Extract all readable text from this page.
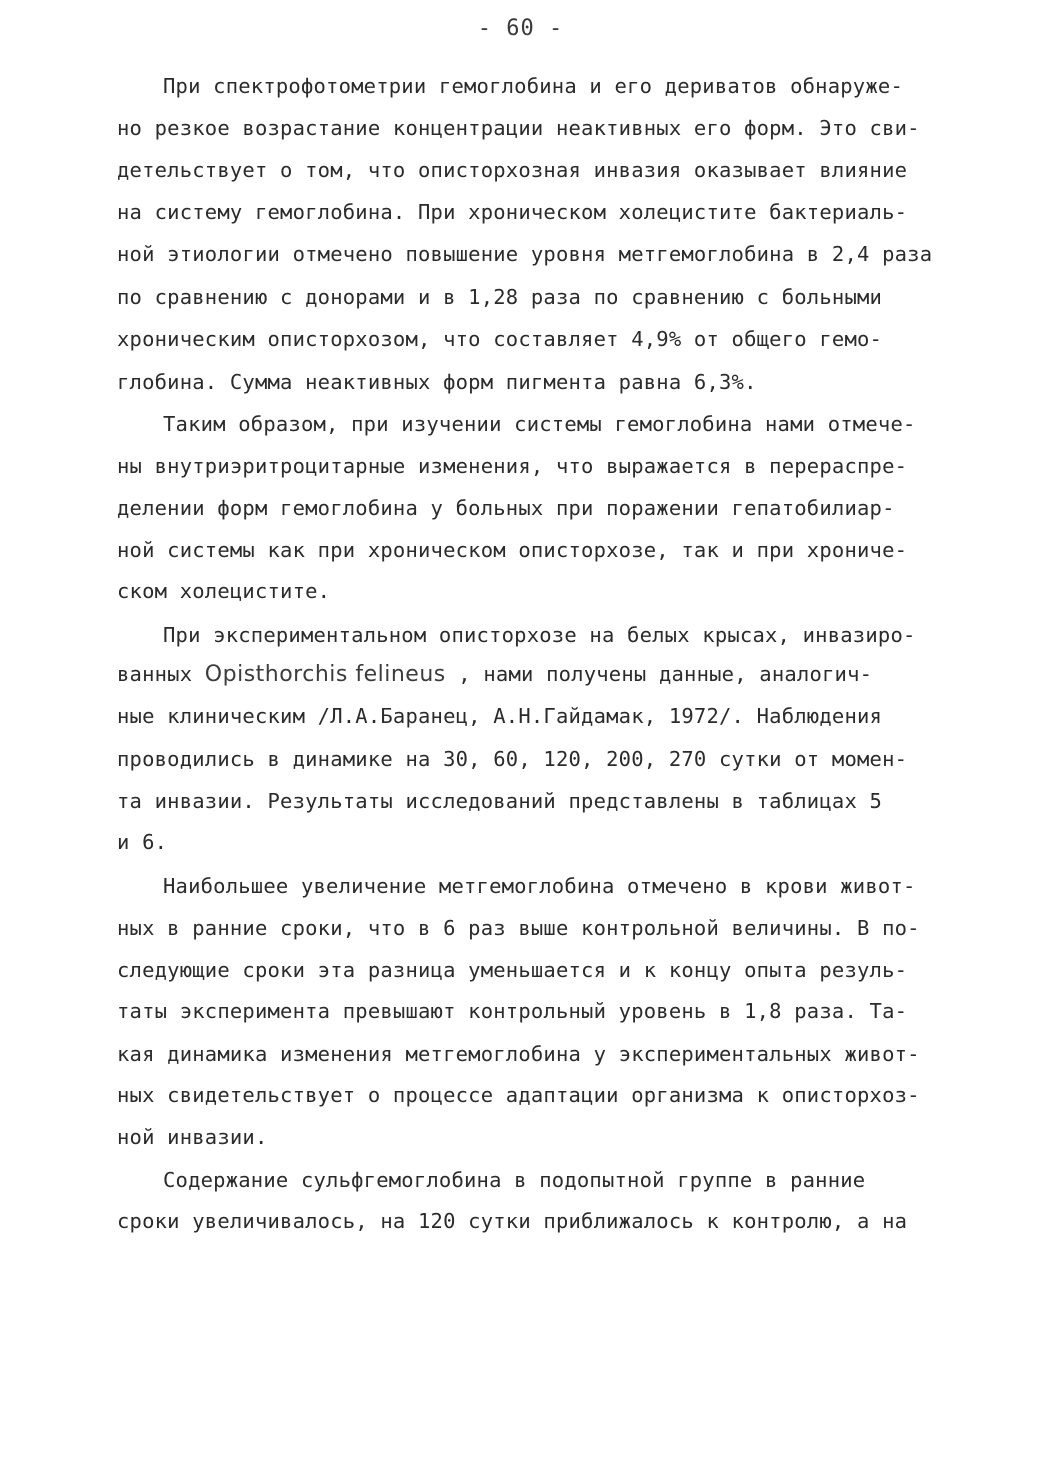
- 60 -
При спектрофотометрии гемоглобина и его дериватов обнаруже-
но резкое возрастание концентрации неактивных его форм. Это сви-
детельствует о том, что описторхозная инвазия оказывает влияние
на систему гемоглобина. При хроническом холецистите бактериаль-
ной этиологии отмечено повышение уровня метгемоглобина в 2,4 раза
по сравнению с донорами и в 1,28 раза по сравнению с больными
хроническим описторхозом, что составляет 4,9% от общего гемо-
глобина. Сумма неактивных форм пигмента равна 6,3%.
Таким образом, при изучении системы гемоглобина нами отмече-
ны внутриэритроцитарные изменения, что выражается в перераспре-
делении форм гемоглобина у больных при поражении гепатобилиар-
ной системы как при хроническом описторхозе, так и при хрониче-
ском холецистите.
При экспериментальном описторхозе на белых крысах, инвазиро-
ванных Opisthorchis felineus , нами получены данные, аналогич-
ные клиническим /Л.А.Баранец, А.Н.Гайдамак, 1972/. Наблюдения
проводились в динамике на 30, 60, 120, 200, 270 сутки от момен-
та инвазии. Результаты исследований представлены в таблицах 5
и 6.
Наибольшее увеличение метгемоглобина отмечено в крови живот-
ных в ранние сроки, что в 6 раз выше контрольной величины. В по-
следующие сроки эта разница уменьшается и к концу опыта резуль-
таты эксперимента превышают контрольный уровень в 1,8 раза. Та-
кая динамика изменения метгемоглобина у экспериментальных живот-
ных свидетельствует о процессе адаптации организма к описторхоз-
ной инвазии.
Содержание сульфгемоглобина в подопытной группе в ранние
сроки увеличивалось, на 120 сутки приближалось к контролю, а на
